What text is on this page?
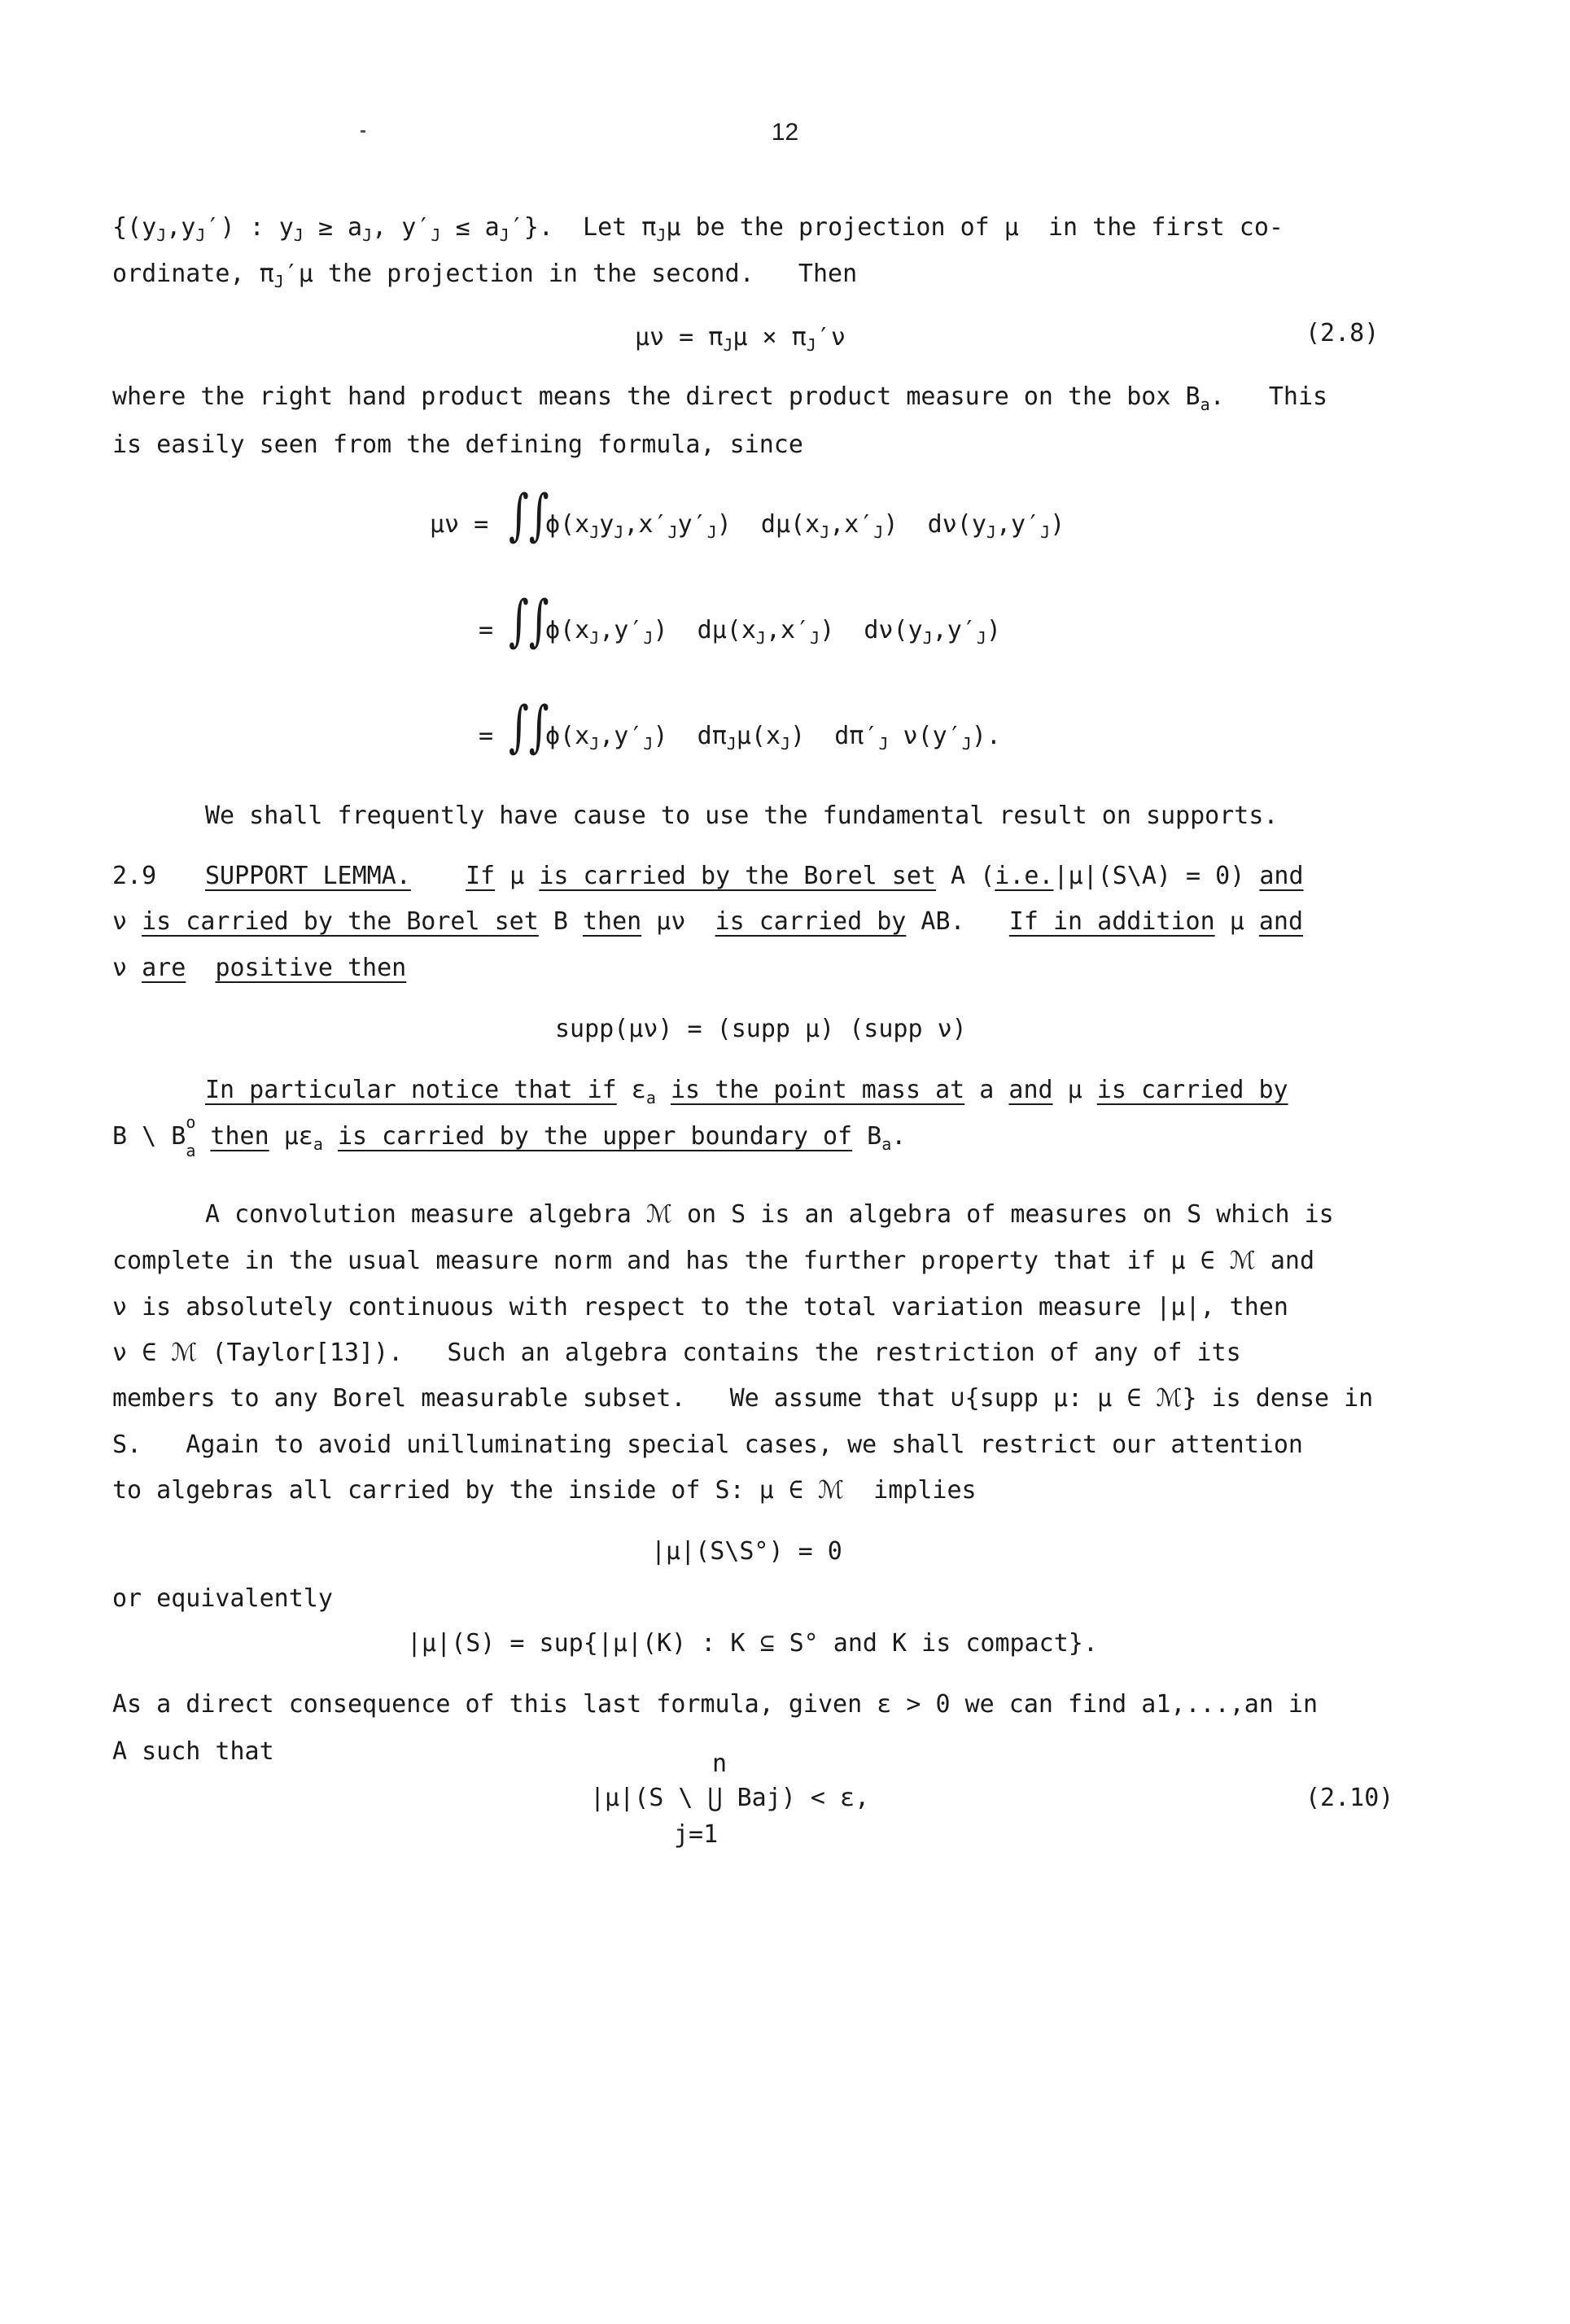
12
{$(y_J,y_J')$ : $y_J \ge a_J$, $y'_J \le a_J'$}.  Let $\pi_J\mu$ be the projection of μ  in the first co-
ordinate, $\pi_J'\mu$ the projection in the second.   Then
$\mu\nu = \pi_J\mu \times \pi_J'\nu$	(2.8)
where the right hand product means the direct product measure on the box $B_a$.   This
is easily seen from the defining formula, since
μν = ∫∫
$\phi(x_Jy_J,x'_Jy'_J)$  $d\mu(x_J,x'_J)$  $d\nu(y_J,y'_J)$
= ∫∫
$\phi(x_J,y'_J)$  $d\mu(x_J,x'_J)$  $d\nu(y_J,y'_J)$
= ∫∫
$\phi(x_J,y'_J)$  $d\pi_J\mu(x_J)$  $d\pi'_J$ $\nu(y'_J)$.
We shall frequently have cause to use the fundamental result on supports.
2.9 SUPPORT LEMMA. If μ is carried by the Borel set A (i.e.|μ|(S\A) = 0) and
ν is carried by the Borel set B then μν  is carried by AB.   If in addition μ and
ν are positive then
supp(μν) = (supp μ) (supp ν)
In particular notice that if $\varepsilon_a$ is the point mass at a and μ is carried by
B \ B o
$_a$ then $\mu\varepsilon_a$ is carried by the upper boundary of $B_a$.
A convolution measure algebra ℳ on S is an algebra of measures on S which is
complete in the usual measure norm and has the further property that if μ ∈ ℳ and
ν is absolutely continuous with respect to the total variation measure |μ|, then
ν ∈ ℳ (Taylor[13]).   Such an algebra contains the restriction of any of its
members to any Borel measurable subset.   We assume that ∪{supp μ: μ ∈ ℳ} is dense in
S.   Again to avoid unilluminating special cases, we shall restrict our attention
to algebras all carried by the inside of S: μ ∈ ℳ  implies
|μ|(S\S°) = 0
or equivalently
|μ|(S) = sup{|μ|(K) : K ⊆ S° and K is compact}.
As a direct consequence of this last formula, given ε > 0 we can find a1,...,an in
A such that	n
|μ|(S \ ⋃ Baj) < ε,
j=1
(2.10)
